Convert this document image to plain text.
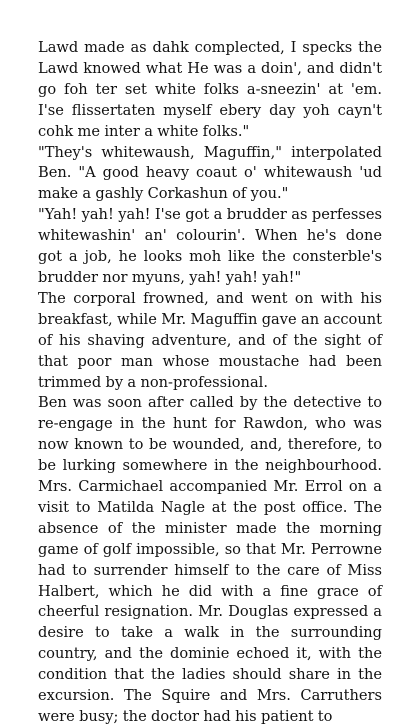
Lawd made as dahk complected, I specks the Lawd knowed what He was a doin', and didn't go foh ter set white folks a-sneezin' at 'em. I'se flissertaten myself ebery day yoh cayn't cohk me inter a white folks."

"They's whitewaush, Maguffin," interpolated Ben. "A good heavy coaut o' whitewaush 'ud make a gashly Corkashun of you."

"Yah! yah! yah! I'se got a brudder as perfesses whitewashin' an' colourin'. When he's done got a job, he looks moh like the consterble's brudder nor myuns, yah! yah! yah!"

The corporal frowned, and went on with his breakfast, while Mr. Maguffin gave an account of his shaving adventure, and of the sight of that poor man whose moustache had been trimmed by a non-professional.

Ben was soon after called by the detective to re-engage in the hunt for Rawdon, who was now known to be wounded, and, therefore, to be lurking somewhere in the neighbourhood. Mrs. Carmichael accompanied Mr. Errol on a visit to Matilda Nagle at the post office. The absence of the minister made the morning game of golf impossible, so that Mr. Perrowne had to surrender himself to the care of Miss Halbert, which he did with a fine grace of cheerful resignation. Mr. Douglas expressed a desire to take a walk in the surrounding country, and the dominie echoed it, with the condition that the ladies should share in the excursion. The Squire and Mrs. Carruthers were busy; the doctor had his patient to
